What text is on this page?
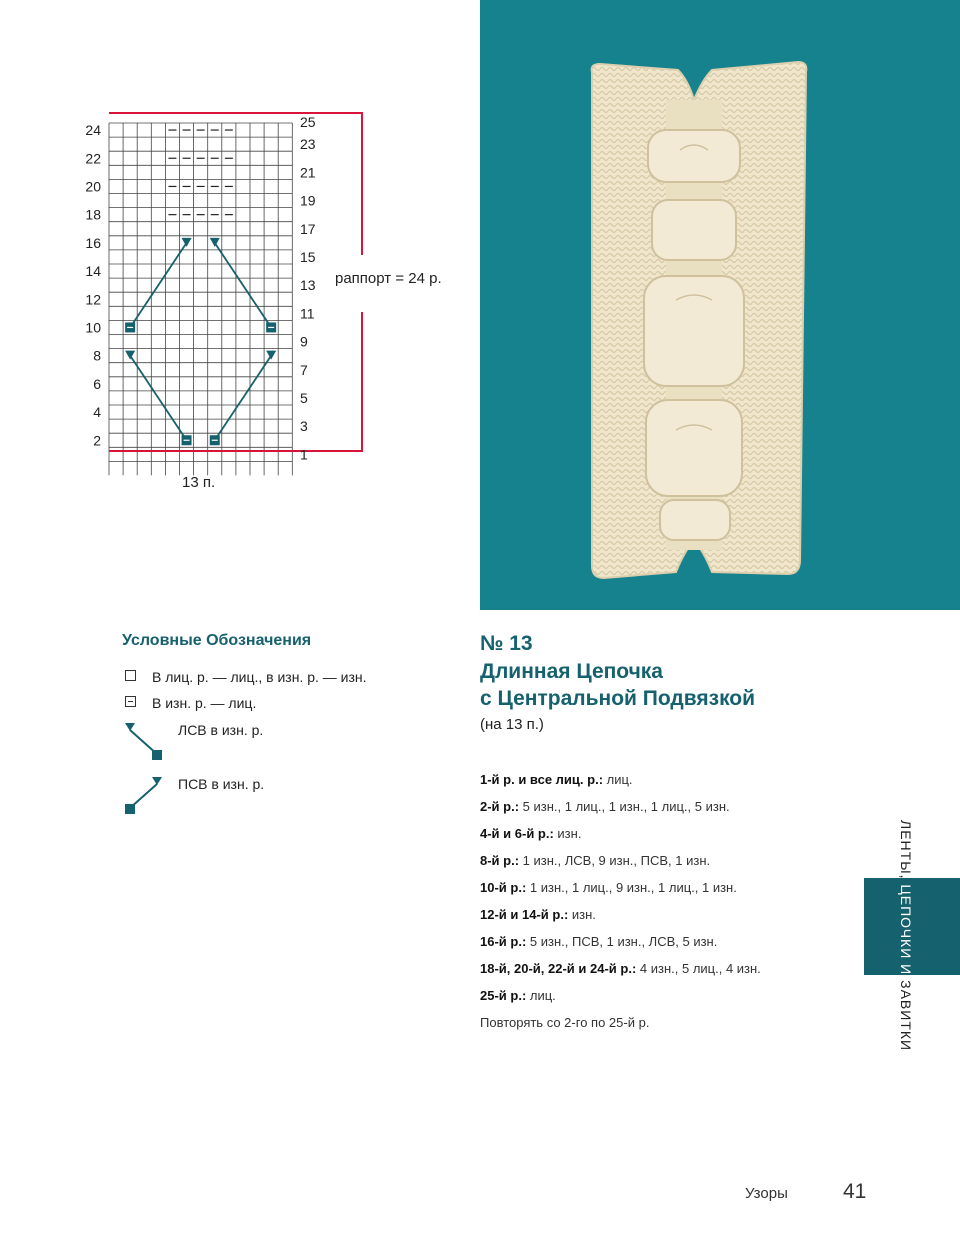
24
22
20
18
16
14
12
10
8
6
4
2
25
23
21
19
17
15
13
11
9
7
5
3
1
раппорт = 24 р.
13 п.
Условные Обозначения
В лиц. р. — лиц., в изн. р. — изн.
В изн. р. — лиц.
ЛСВ в изн. р.
ПСВ в изн. р.
№ 13
Длинная Цепочка
с Центральной Подвязкой
(на 13 п.)
1-й р. и все лиц. р.: лиц.
2-й р.: 5 изн., 1 лиц., 1 изн., 1 лиц., 5 изн.
4-й и 6-й р.: изн.
8-й р.: 1 изн., ЛСВ, 9 изн., ПСВ, 1 изн.
10-й р.: 1 изн., 1 лиц., 9 изн., 1 лиц., 1 изн.
12-й и 14-й р.: изн.
16-й р.: 5 изн., ПСВ, 1 изн., ЛСВ, 5 изн.
18-й, 20-й, 22-й и 24-й р.: 4 изн., 5 лиц., 4 изн.
25-й р.: лиц.
Повторять со 2-го по 25-й р.
ЛЕНТЫ, ЦЕПОЧКИ И ЗАВИТКИ
Узоры	41
